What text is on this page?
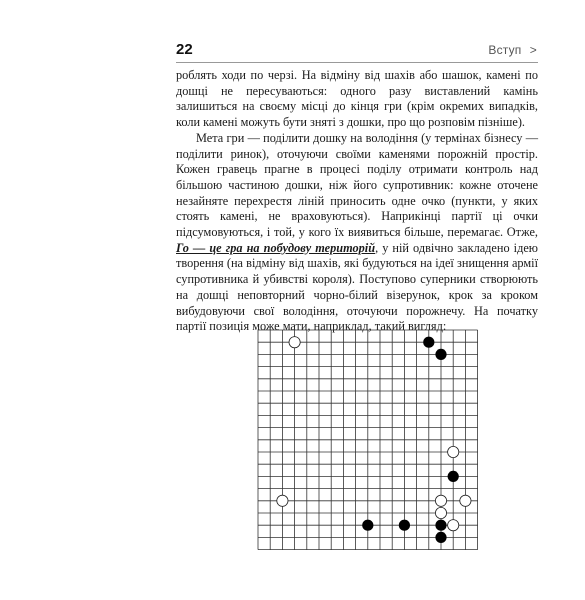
22	Вступ   >

роблять ходи по черзі. На відміну від шахів або шашок, камені по дошці не пересуваються: одного разу виставлений камінь залишиться на своєму місці до кінця гри (крім окремих випадків, коли камені можуть бути зняті з дошки, про що розповім пізніше).

Мета гри — поділити дошку на володіння (у термінах бізнесу — поділити ринок), оточуючи своїми каменями порожній простір. Кожен гравець прагне в процесі поділу отримати контроль над більшою частиною дошки, ніж його супротивник: кожне оточене незайняте перехрестя ліній приносить одне очко (пункти, у яких стоять камені, не враховуються). Наприкінці партії ці очки підсумовуються, і той, у кого їх виявиться більше, перемагає. Отже, Го — це гра на побудову територій, у ній одвічно закладено ідею творення (на відміну від шахів, які будуються на ідеї знищення армії супротивника й убивстві короля). Поступово суперники створюють на дошці неповторний чорно-білий візерунок, крок за кроком вибудовуючи свої володіння, оточуючи порожнечу. На початку партії позиція може мати, наприклад, такий вигляд:
